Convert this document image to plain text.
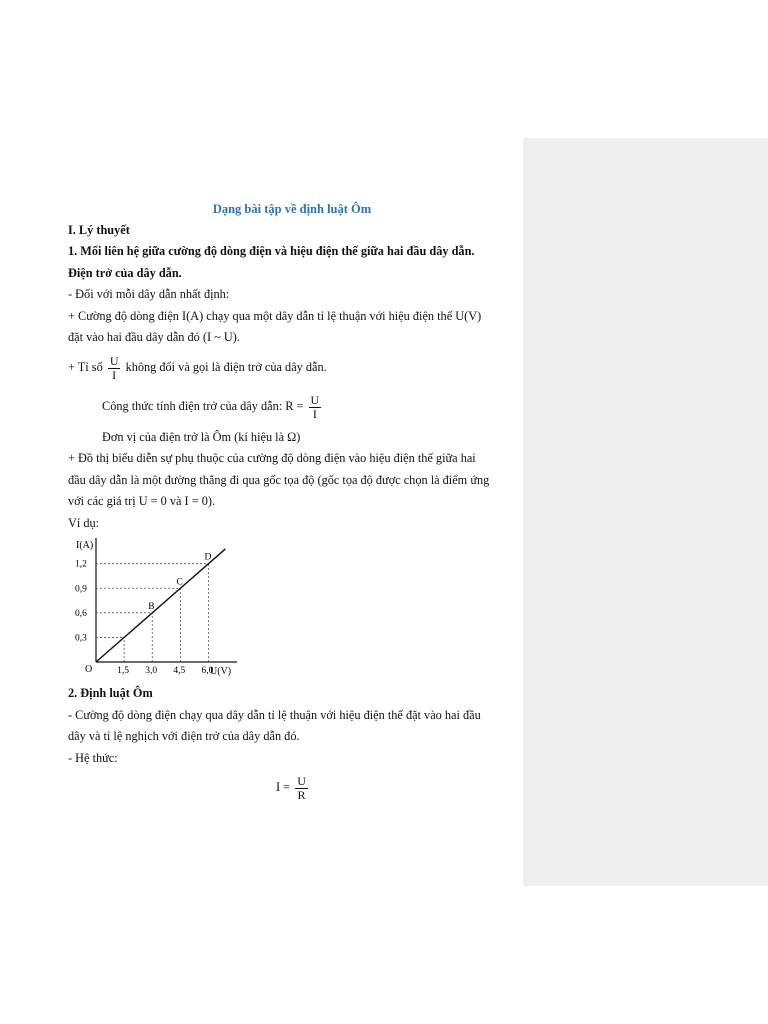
Dạng bài tập về định luật Ôm
I. Lý thuyết
1. Mối liên hệ giữa cường độ dòng điện và hiệu điện thế giữa hai đầu dây dẫn.
Điện trở của dây dẫn.
- Đối với mỗi dây dẫn nhất định:
+ Cường độ dòng điện I(A) chạy qua một dây dẫn tỉ lệ thuận với hiệu điện thế U(V)
đặt vào hai đầu dây dẫn đó (I ~ U).
+ Tỉ số $\frac{U}{I}$ không đổi và gọi là điện trở của dây dẫn.
Công thức tính điện trở của dây dẫn: $R = \frac{U}{I}$
Đơn vị của điện trở là Ôm (kí hiệu là Ω)
+ Đồ thị biểu diễn sự phụ thuộc của cường độ dòng điện vào hiệu điện thế giữa hai
đầu dây dẫn là một đường thẳng đi qua gốc tọa độ (gốc tọa độ được chọn là điểm ứng
với các giá trị U = 0 và I = 0).
Ví dụ:
I(A)
U(V)
O	1,5 3,0 4,5 6,0
0,3
0,6
0,9
1,2
B
C
D
2. Định luật Ôm
- Cường độ dòng điện chạy qua dây dẫn tỉ lệ thuận với hiệu điện thế đặt vào hai đầu
dây và tỉ lệ nghịch với điện trở của dây dẫn đó.
- Hệ thức:
$I = \frac{U}{R}$
